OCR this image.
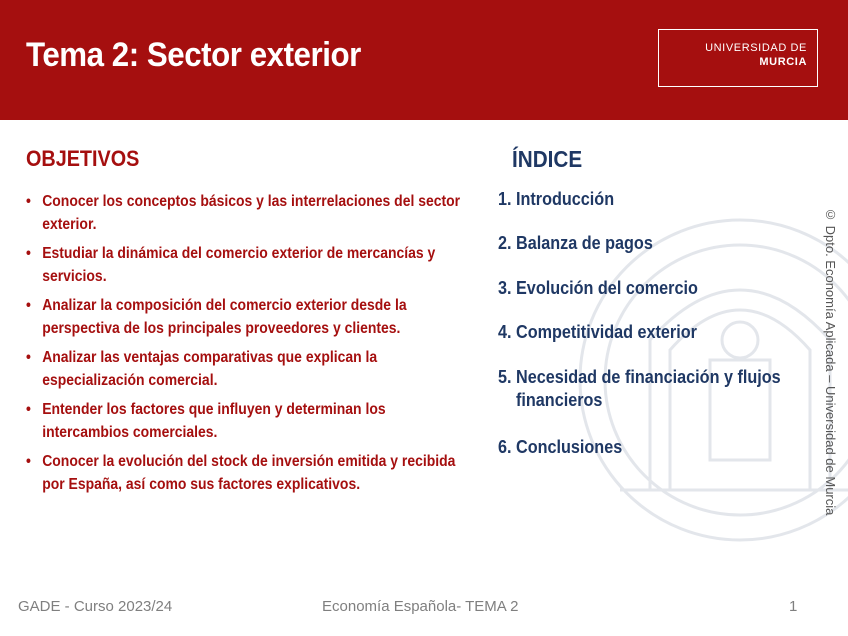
Tema 2: Sector exterior	UNIVERSIDAD DE
MURCIA
OBJETIVOS
• Conocer los conceptos básicos y las interrelaciones del sector exterior.
• Estudiar la dinámica del comercio exterior de mercancías y servicios.
• Analizar la composición del comercio exterior desde la perspectiva de los principales proveedores y clientes.
• Analizar las ventajas comparativas que explican la especialización comercial.
• Entender los factores que influyen y determinan los intercambios comerciales.
• Conocer la evolución del stock de inversión emitida y recibida por España, así como sus factores explicativos.
ÍNDICE
1. Introducción
2. Balanza de pagos
3. Evolución del comercio
4. Competitividad exterior
5. Necesidad de financiación y flujos financieros
6. Conclusiones	© Dpto. Economía Aplicada – Universidad de Murcia
GADE - Curso 2023/24	Economía Española- TEMA 2	1
